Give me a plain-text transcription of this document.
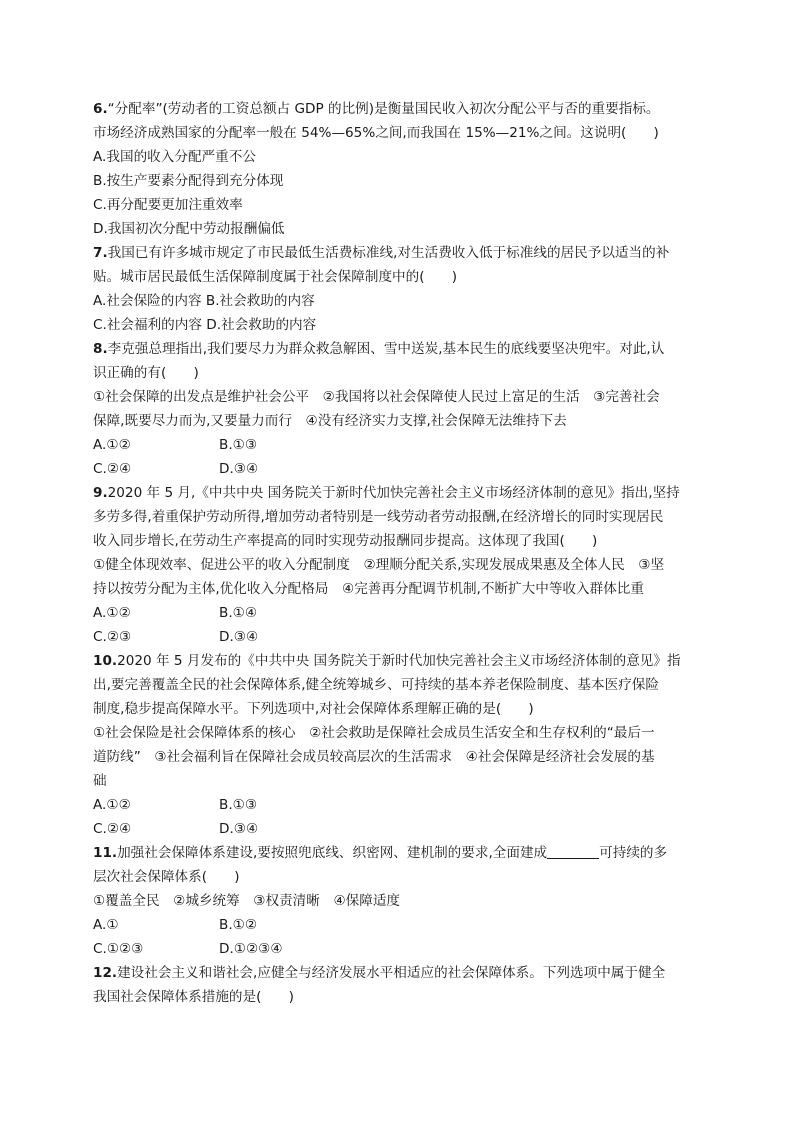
6.“分配率”(劳动者的工资总额占 GDP 的比例)是衡量国民收入初次分配公平与否的重要指标。
市场经济成熟国家的分配率一般在 54%—65%之间,而我国在 15%—21%之间。这说明(　　)
A.我国的收入分配严重不公
B.按生产要素分配得到充分体现
C.再分配要更加注重效率
D.我国初次分配中劳动报酬偏低
7.我国已有许多城市规定了市民最低生活费标准线,对生活费收入低于标准线的居民予以适当的补
贴。城市居民最低生活保障制度属于社会保障制度中的(　　)
A.社会保险的内容 B.社会救助的内容
C.社会福利的内容 D.社会救助的内容
8.李克强总理指出,我们要尽力为群众救急解困、雪中送炭,基本民生的底线要坚决兜牢。对此,认
识正确的有(　　)
①社会保障的出发点是维护社会公平　②我国将以社会保障使人民过上富足的生活　③完善社会
保障,既要尽力而为,又要量力而行　④没有经济实力支撑,社会保障无法维持下去
A.①②	B.①③
C.②④	D.③④
9.2020 年 5 月,《中共中央 国务院关于新时代加快完善社会主义市场经济体制的意见》指出,坚持
多劳多得,着重保护劳动所得,增加劳动者特别是一线劳动者劳动报酬,在经济增长的同时实现居民
收入同步增长,在劳动生产率提高的同时实现劳动报酬同步提高。这体现了我国(　　)
①健全体现效率、促进公平的收入分配制度　②理顺分配关系,实现发展成果惠及全体人民　③坚
持以按劳分配为主体,优化收入分配格局　④完善再分配调节机制,不断扩大中等收入群体比重
A.①②	B.①④
C.②③	D.③④
10.2020 年 5 月发布的《中共中央 国务院关于新时代加快完善社会主义市场经济体制的意见》指
出,要完善覆盖全民的社会保障体系,健全统筹城乡、可持续的基本养老保险制度、基本医疗保险
制度,稳步提高保障水平。下列选项中,对社会保障体系理解正确的是(　　)
①社会保险是社会保障体系的核心　②社会救助是保障社会成员生活安全和生存权利的“最后一
道防线”　③社会福利旨在保障社会成员较高层次的生活需求　④社会保障是经济社会发展的基
础
A.①②	B.①③
C.②④	D.③④
11.加强社会保障体系建设,要按照兜底线、织密网、建机制的要求,全面建成	可持续的多
层次社会保障体系(　　)
①覆盖全民　②城乡统筹　③权责清晰　④保障适度
A.①	B.①②
C.①②③	D.①②③④
12.建设社会主义和谐社会,应健全与经济发展水平相适应的社会保障体系。下列选项中属于健全
我国社会保障体系措施的是(　　)
